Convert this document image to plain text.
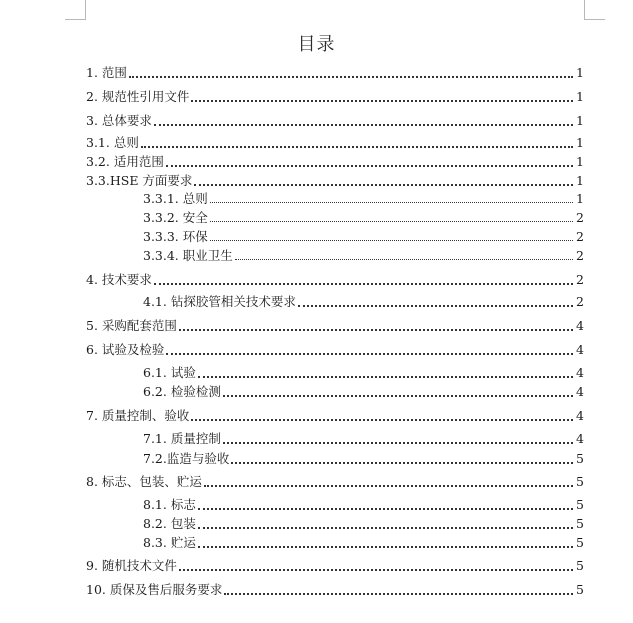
目录
1. 范围	1
2. 规范性引用文件	1
3. 总体要求	1
3.1. 总则	1
3.2. 适用范围	1
3.3.HSE 方面要求	1
3.3.1. 总则	1
3.3.2. 安全	2
3.3.3. 环保	2
3.3.4. 职业卫生	2
4. 技术要求	2
4.1. 钻探胶管相关技术要求	2
5. 采购配套范围	4
6. 试验及检验	4
6.1. 试验	4
6.2. 检验检测	4
7. 质量控制、验收	4
7.1. 质量控制	4
7.2.监造与验收	5
8. 标志、包装、贮运	5
8.1. 标志	5
8.2. 包装	5
8.3. 贮运	5
9. 随机技术文件	5
10. 质保及售后服务要求	5
